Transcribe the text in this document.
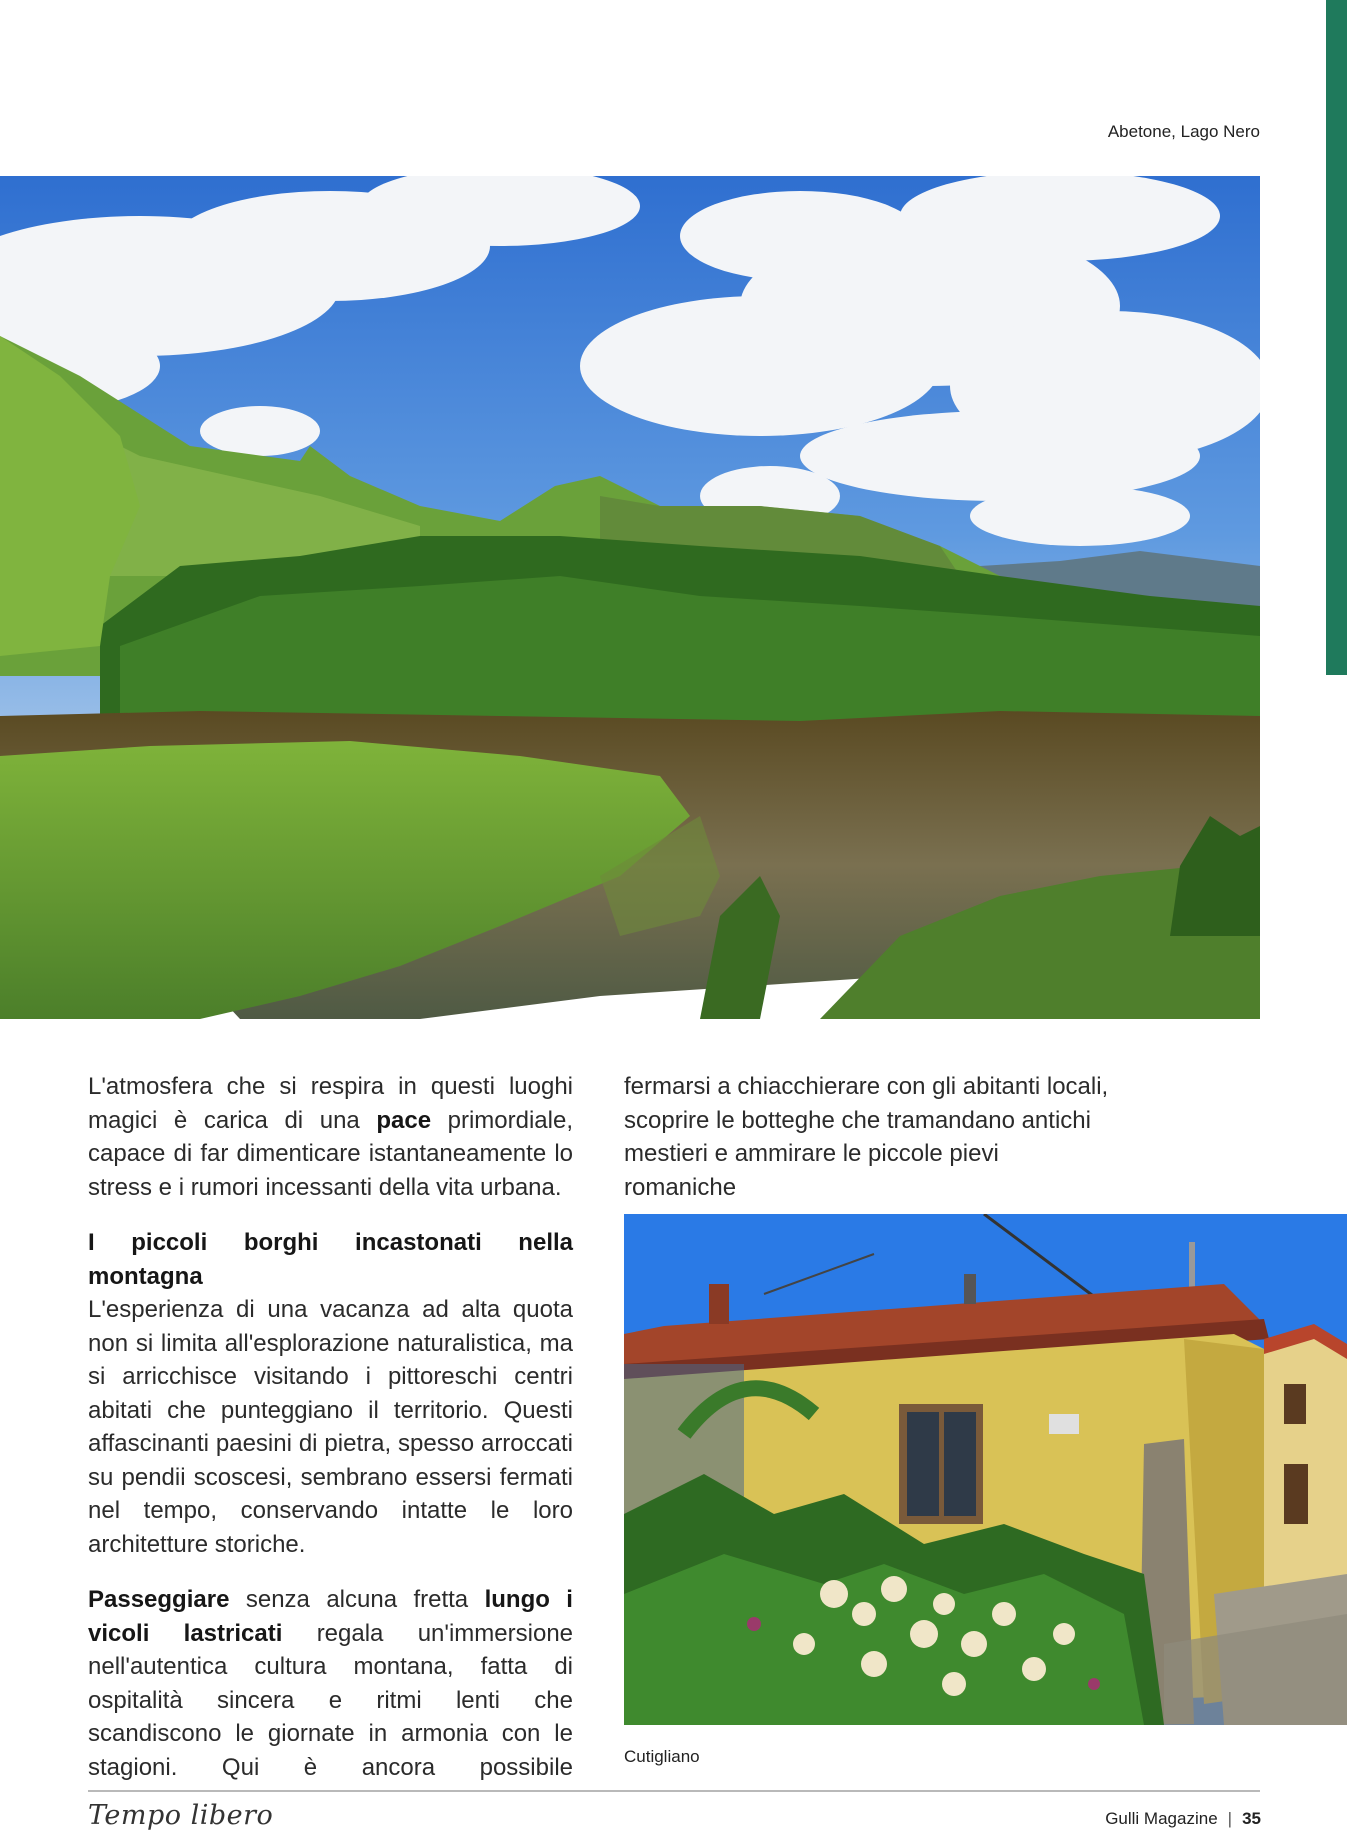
Abetone, Lago Nero

L'atmosfera che si respira in questi luoghi magici è carica di una pace primordiale, capace di far dimenticare istantaneamente lo stress e i rumori incessanti della vita urbana.

I piccoli borghi incastonati nella montagna
L'esperienza di una vacanza ad alta quota non si limita all'esplorazione naturalistica, ma si arricchisce visitando i pittoreschi centri abitati che punteggiano il territorio. Questi affascinanti paesini di pietra, spesso arroccati su pendii scoscesi, sembrano essersi fermati nel tempo, conservando intatte le loro architetture storiche.

Passeggiare senza alcuna fretta lungo i vicoli lastricati regala un'immersione nell'autentica cultura montana, fatta di ospitalità sincera e ritmi lenti che scandiscono le giornate in armonia con le stagioni. Qui è ancora possibile

fermarsi a chiacchierare con gli abitanti locali, scoprire le botteghe che tramandano antichi mestieri e ammirare le piccole pievi romaniche

Cutigliano
Tempo libero	Gulli Magazine | 35
